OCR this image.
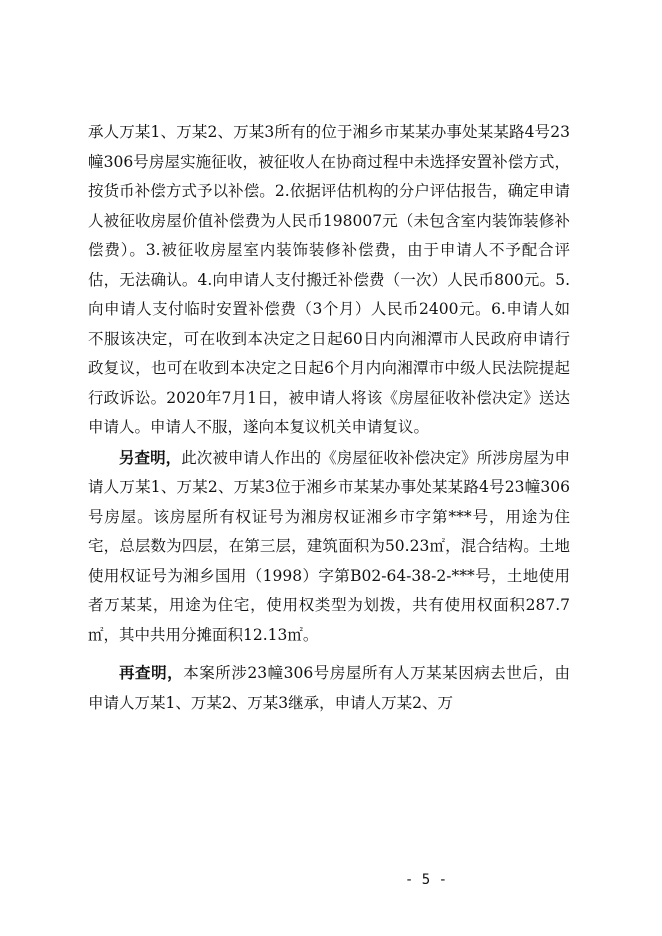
承人万某1、万某2、万某3所有的位于湘乡市某某办事处某某路4号23幢306号房屋实施征收，被征收人在协商过程中未选择安置补偿方式，按货币补偿方式予以补偿。2.依据评估机构的分户评估报告，确定申请人被征收房屋价值补偿费为人民币198007元（未包含室内装饰装修补偿费）。3.被征收房屋室内装饰装修补偿费，由于申请人不予配合评估，无法确认。4.向申请人支付搬迁补偿费（一次）人民币800元。5.向申请人支付临时安置补偿费（3个月）人民币2400元。6.申请人如不服该决定，可在收到本决定之日起60日内向湘潭市人民政府申请行政复议，也可在收到本决定之日起6个月内向湘潭市中级人民法院提起行政诉讼。2020年7月1日，被申请人将该《房屋征收补偿决定》送达申请人。申请人不服，遂向本复议机关申请复议。

另查明，此次被申请人作出的《房屋征收补偿决定》所涉房屋为申请人万某1、万某2、万某3位于湘乡市某某办事处某某路4号23幢306号房屋。该房屋所有权证号为湘房权证湘乡市字第***号，用途为住宅，总层数为四层，在第三层，建筑面积为50.23㎡，混合结构。土地使用权证号为湘乡国用（1998）字第B02-64-38-2-***号，土地使用者万某某，用途为住宅，使用权类型为划拨，共有使用权面积287.7㎡，其中共用分摊面积12.13㎡。

再查明，本案所涉23幢306号房屋所有人万某某因病去世后，由申请人万某1、万某2、万某3继承，申请人万某2、万

- 5 -
